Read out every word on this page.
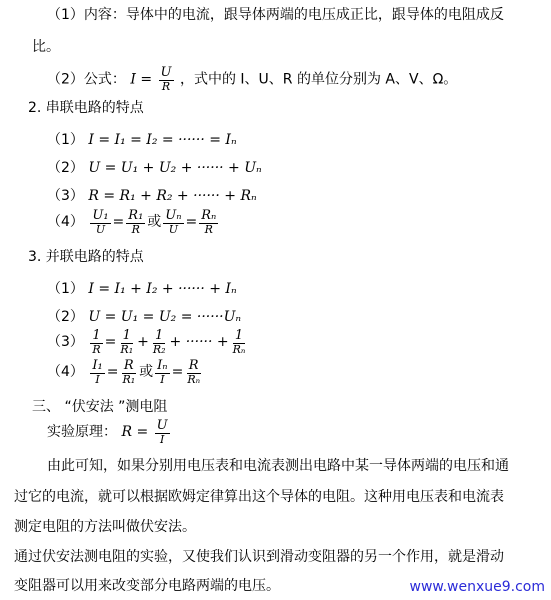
（1）内容：导体中的电流，跟导体两端的电压成正比，跟导体的电阻成反
比。
（2）公式： $I = \frac{U}{R}$ ，式中的 I、U、R 的单位分别为 A、V、Ω。
2. 串联电路的特点
（1） I = I₁ = I₂ = ······ = Iₙ
（2） U = U₁ + U₂ + ······ + Uₙ
（3） R = R₁ + R₂ + ······ + Rₙ
$(4) \frac{\text{U₁}}{U} = \frac{\text{R₁}}{R}$ 或 $\frac{\text{Uₙ}}{U} = \frac{\text{Rₙ}}{R}$
3. 并联电路的特点
（1） I = I₁ + I₂ + ······ + Iₙ
（2） U = U₁ = U₂ = ······Uₙ
$(3) \frac{1}{R} = \frac{1}{\text{R₁}} + \frac{1}{\text{R₂}}$ + ······ + $\frac{1}{\text{Rₙ}}$
$(4) \frac{\text{I₁}}{I} = \frac{R}{\text{R₁}}$ 或 $\frac{\text{Iₙ}}{I} = \frac{R}{\text{Rₙ}}$
三、 “伏安法 ”测电阻
实验原理： $R = \frac{U}{I}$
由此可知，如果分别用电压表和电流表测出电路中某一导体两端的电压和通
过它的电流，就可以根据欧姆定律算出这个导体的电阻。这种用电压表和电流表
测定电阻的方法叫做伏安法。
通过伏安法测电阻的实验，又使我们认识到滑动变阻器的另一个作用，就是滑动
变阻器可以用来改变部分电路两端的电压。	www.wenxue9.com
